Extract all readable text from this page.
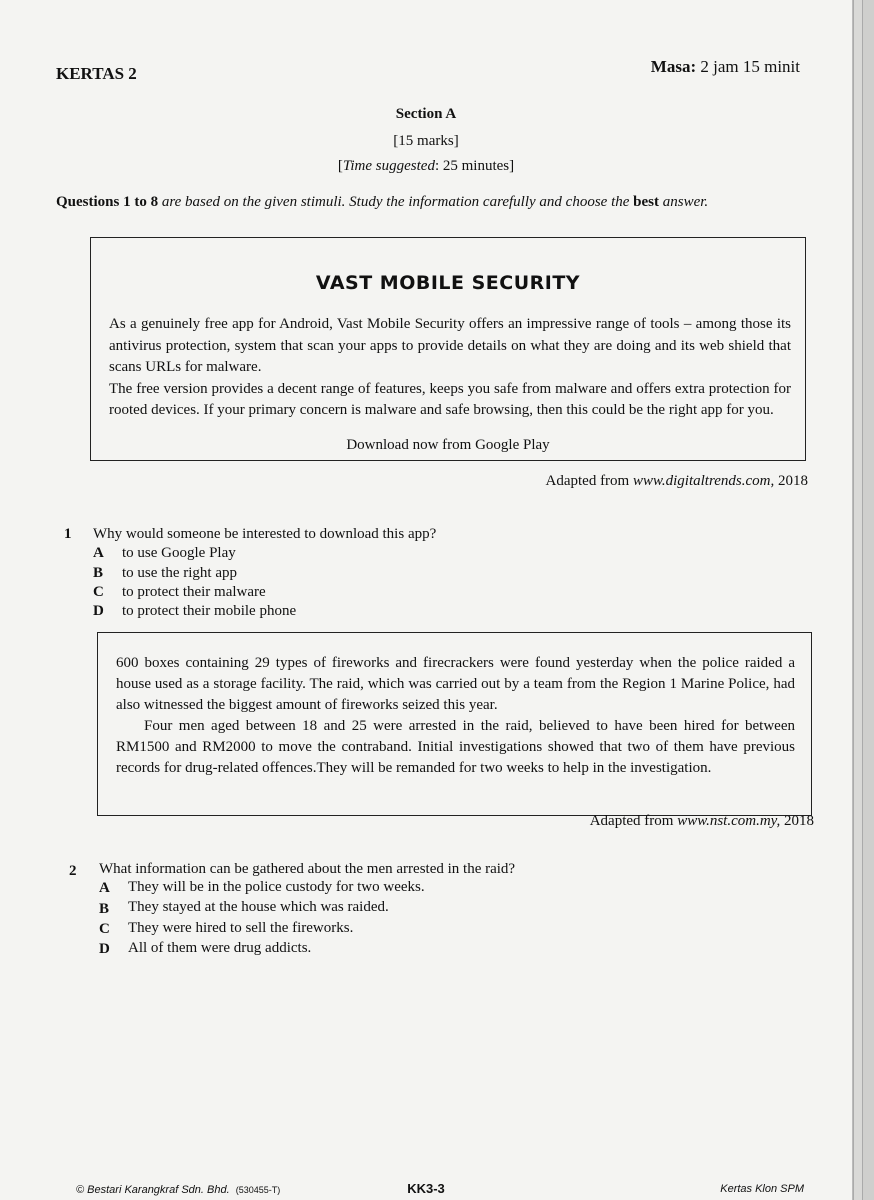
KERTAS 2	Masa: 2 jam 15 minit
Section A
[15 marks]
[Time suggested: 25 minutes]
Questions 1 to 8 are based on the given stimuli. Study the information carefully and choose the best answer.
VAST MOBILE SECURITY

As a genuinely free app for Android, Vast Mobile Security offers an impressive range of tools – among those its antivirus protection, system that scan your apps to provide details on what they are doing and its web shield that scans URLs for malware.

The free version provides a decent range of features, keeps you safe from malware and offers extra protection for rooted devices. If your primary concern is malware and safe browsing, then this could be the right app for you.

Download now from Google Play
Adapted from www.digitaltrends.com, 2018
1 Why would someone be interested to download this app?
A to use Google Play
B to use the right app
C to protect their malware
D to protect their mobile phone

600 boxes containing 29 types of fireworks and firecrackers were found yesterday when the police raided a house used as a storage facility. The raid, which was carried out by a team from the Region 1 Marine Police, had also witnessed the biggest amount of fireworks seized this year.

Four men aged between 18 and 25 were arrested in the raid, believed to have been hired for between RM1500 and RM2000 to move the contraband. Initial investigations showed that two of them have previous records for drug-related offences.They will be remanded for two weeks to help in the investigation.

Adapted from www.nst.com.my, 2018
2 What information can be gathered about the men arrested in the raid?
A They will be in the police custody for two weeks.
B They stayed at the house which was raided.
C They were hired to sell the fireworks.
D All of them were drug addicts.
© Bestari Karangkraf Sdn. Bhd. (530455-T)	KK3-3	Kertas Klon SPM
